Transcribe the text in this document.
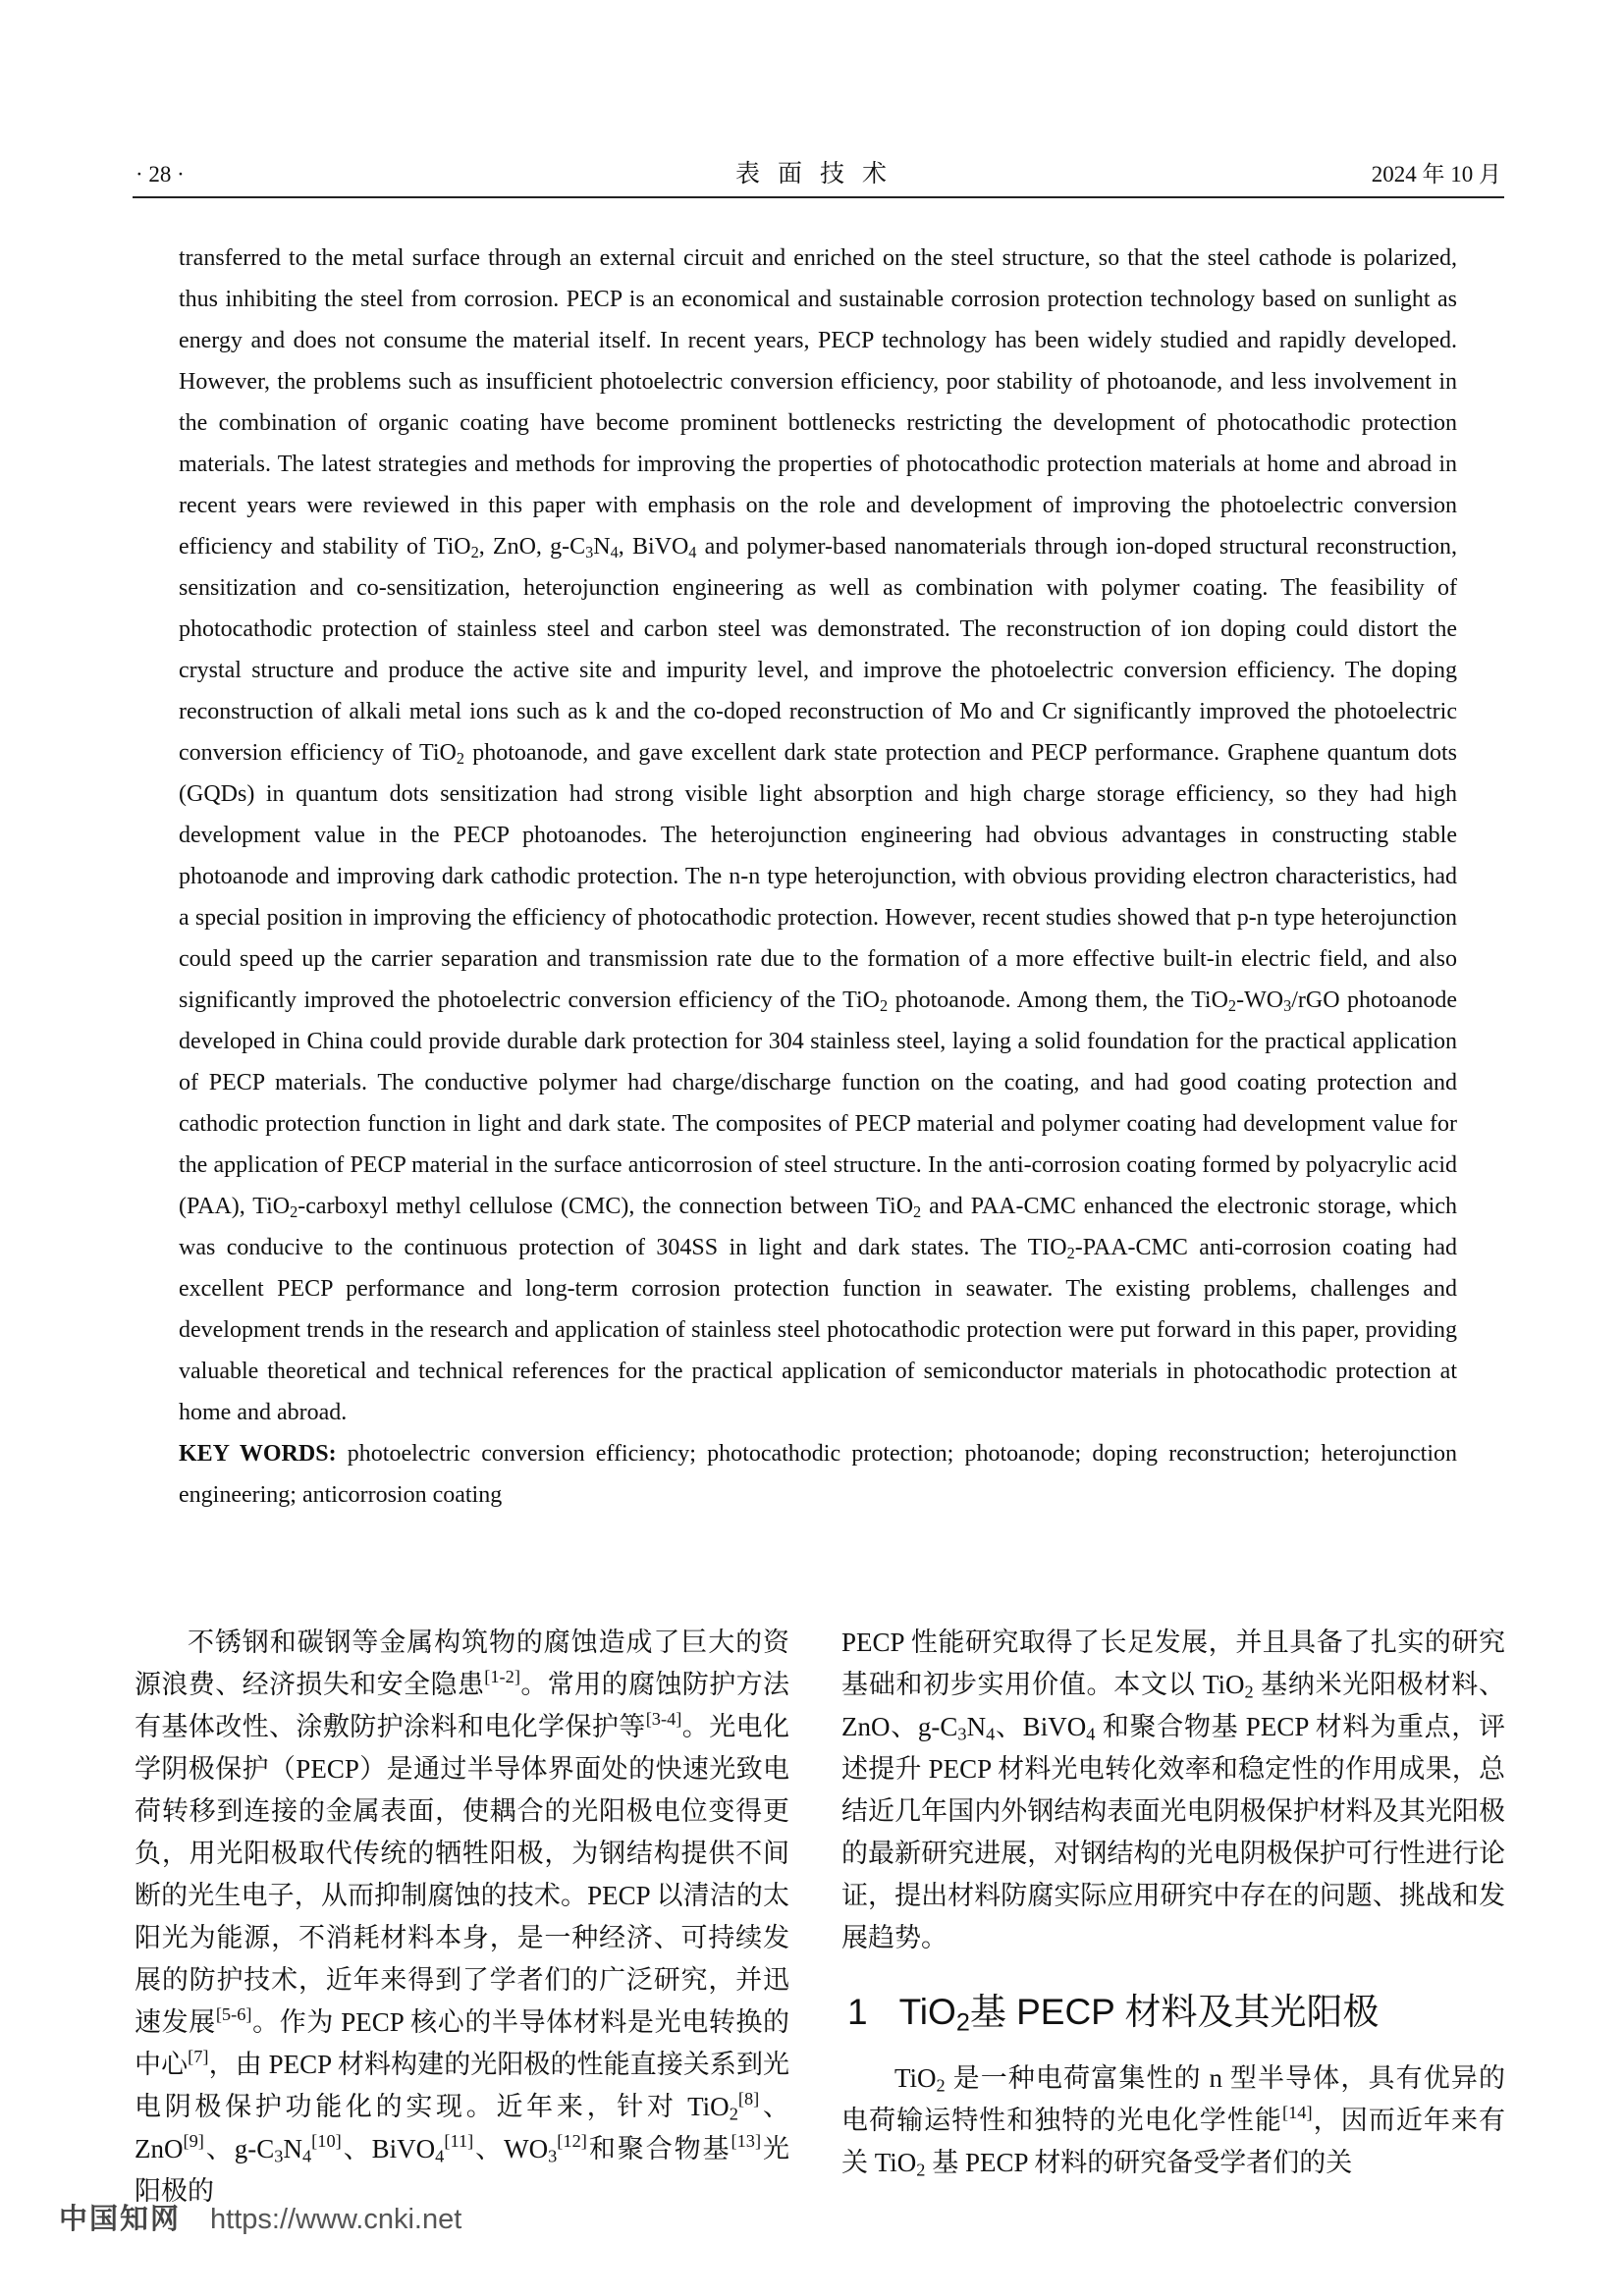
· 28 ·	表面技术	2024 年 10 月

transferred to the metal surface through an external circuit and enriched on the steel structure, so that the steel cathode is polarized, thus inhibiting the steel from corrosion. PECP is an economical and sustainable corrosion protection technology based on sunlight as energy and does not consume the material itself. In recent years, PECP technology has been widely studied and rapidly developed. However, the problems such as insufficient photoelectric conversion efficiency, poor stability of photoanode, and less involvement in the combination of organic coating have become prominent bottlenecks restricting the development of photocathodic protection materials. The latest strategies and methods for improving the properties of photocathodic protection materials at home and abroad in recent years were reviewed in this paper with emphasis on the role and development of improving the photoelectric conversion efficiency and stability of TiO$_2$, ZnO, $g-C_3N_4$, BiVO$_4$ and polymer-based nanomaterials through ion-doped structural reconstruction, sensitization and co-sensitization, heterojunction engineering as well as combination with polymer coating. The feasibility of photocathodic protection of stainless steel and carbon steel was demonstrated. The reconstruction of ion doping could distort the crystal structure and produce the active site and impurity level, and improve the photoelectric conversion efficiency. The doping reconstruction of alkali metal ions such as k and the co-doped reconstruction of Mo and Cr significantly improved the photoelectric conversion efficiency of TiO$_2$ photoanode, and gave excellent dark state protection and PECP performance. Graphene quantum dots (GQDs) in quantum dots sensitization had strong visible light absorption and high charge storage efficiency, so they had high development value in the PECP photoanodes. The heterojunction engineering had obvious advantages in constructing stable photoanode and improving dark cathodic protection. The n-n type heterojunction, with obvious providing electron characteristics, had a special position in improving the efficiency of photocathodic protection. However, recent studies showed that p-n type heterojunction could speed up the carrier separation and transmission rate due to the formation of a more effective built-in electric field, and also significantly improved the photoelectric conversion efficiency of the TiO$_2$ photoanode. Among them, the $TiO_2-WO_3$/rGO photoanode developed in China could provide durable dark protection for 304 stainless steel, laying a solid foundation for the practical application of PECP materials. The conductive polymer had charge/discharge function on the coating, and had good coating protection and cathodic protection function in light and dark state. The composites of PECP material and polymer coating had development value for the application of PECP material in the surface anticorrosion of steel structure. In the anti-corrosion coating formed by polyacrylic acid (PAA), TiO$_2$-carboxyl methyl cellulose (CMC), the connection between TiO$_2$ and PAA-CMC enhanced the electronic storage, which was conducive to the continuous protection of 304SS in light and dark states. The $TIO_2-PAA$-CMC anti-corrosion coating had excellent PECP performance and long-term corrosion protection function in seawater. The existing problems, challenges and development trends in the research and application of stainless steel photocathodic protection were put forward in this paper, providing valuable theoretical and technical references for the practical application of semiconductor materials in photocathodic protection at home and abroad.

KEY WORDS: photoelectric conversion efficiency; photocathodic protection; photoanode; doping reconstruction; heterojunction engineering; anticorrosion coating

不锈钢和碳钢等金属构筑物的腐蚀造成了巨大的资源浪费、经济损失和安全隐患[1-2]。常用的腐蚀防护方法有基体改性、涂敷防护涂料和电化学保护等[3-4]。光电化学阴极保护（PECP）是通过半导体界面处的快速光致电荷转移到连接的金属表面，使耦合的光阳极电位变得更负，用光阳极取代传统的牺牲阳极，为钢结构提供不间断的光生电子，从而抑制腐蚀的技术。PECP 以清洁的太阳光为能源，不消耗材料本身，是一种经济、可持续发展的防护技术，近年来得到了学者们的广泛研究，并迅速发展[5-6]。作为 PECP 核心的半导体材料是光电转换的中心[7]，由 PECP 材料构建的光阳极的性能直接关系到光电阴极保护功能化的实现。近年来，针对 TiO$_2$[8]、ZnO[9]、$g-C_3N_4[10]$、BiVO$_4$[11]、$WO_3[12]$和聚合物基[13]光阳极的

PECP 性能研究取得了长足发展，并且具备了扎实的研究基础和初步实用价值。本文以 TiO$_2$ 基纳米光阳极材料、ZnO、$g-C_3N_4$、BiVO$_4$ 和聚合物基 PECP 材料为重点，评述提升 PECP 材料光电转化效率和稳定性的作用成果，总结近几年国内外钢结构表面光电阴极保护材料及其光阳极的最新研究进展，对钢结构的光电阴极保护可行性进行论证，提出材料防腐实际应用研究中存在的问题、挑战和发展趋势。

1 TiO$_2$基 PECP 材料及其光阳极

TiO$_2$ 是一种电荷富集性的 n 型半导体，具有优异的电荷输运特性和独特的光电化学性能[14]，因而近年来有关 TiO$_2$ 基 PECP 材料的研究备受学者们的关

中国知网 https://www.cnki.net
